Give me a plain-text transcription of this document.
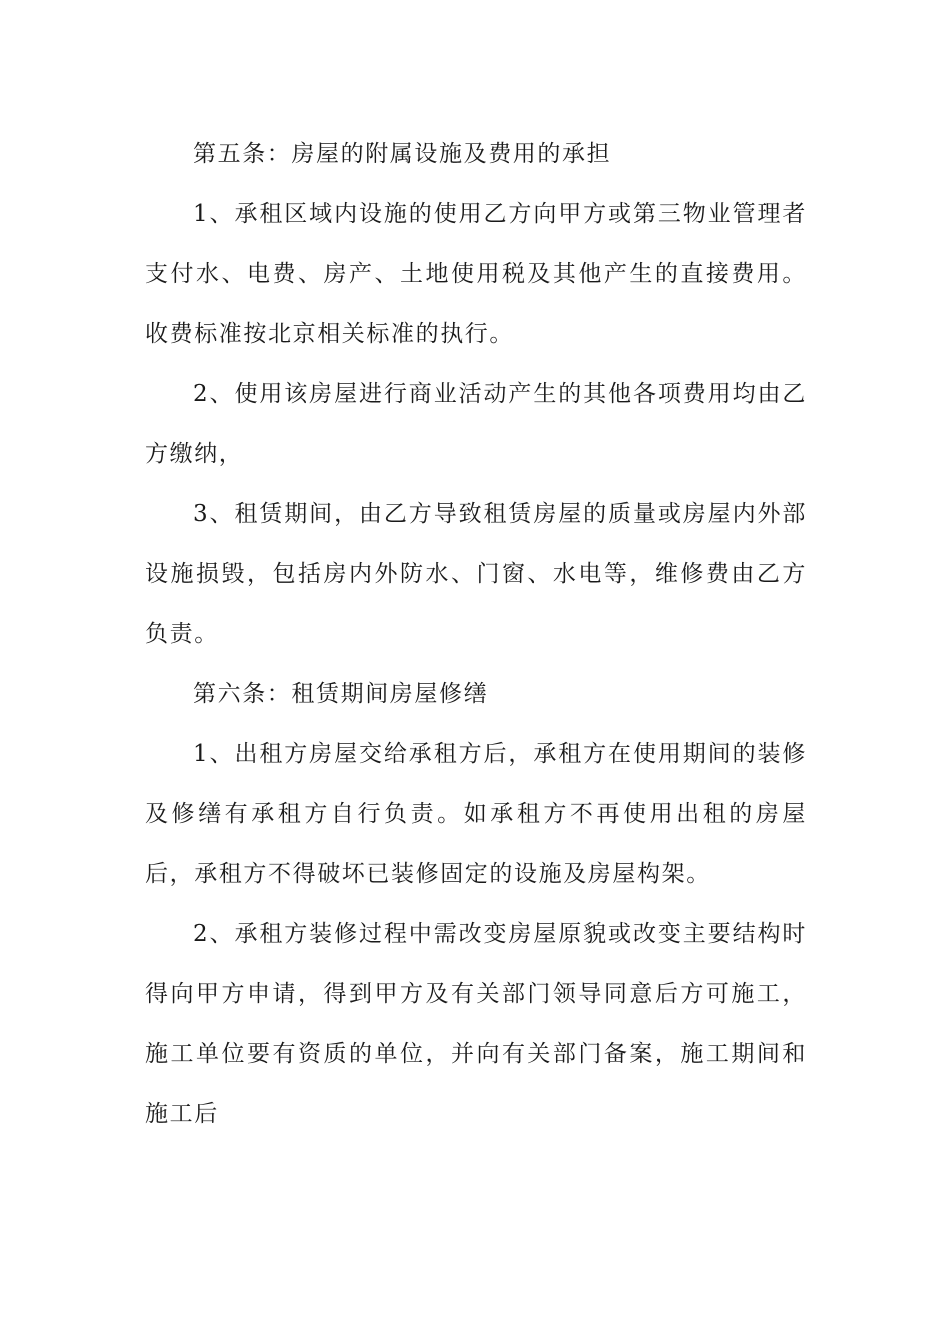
第五条：房屋的附属设施及费用的承担

1、承租区域内设施的使用乙方向甲方或第三物业管理者支付水、电费、房产、土地使用税及其他产生的直接费用。收费标准按北京相关标准的执行。

2、使用该房屋进行商业活动产生的其他各项费用均由乙方缴纳，

3、租赁期间，由乙方导致租赁房屋的质量或房屋内外部设施损毁，包括房内外防水、门窗、水电等，维修费由乙方负责。

第六条：租赁期间房屋修缮

1、出租方房屋交给承租方后，承租方在使用期间的装修及修缮有承租方自行负责。如承租方不再使用出租的房屋后，承租方不得破坏已装修固定的设施及房屋构架。

2、承租方装修过程中需改变房屋原貌或改变主要结构时得向甲方申请，得到甲方及有关部门领导同意后方可施工，施工单位要有资质的单位，并向有关部门备案，施工期间和施工后
